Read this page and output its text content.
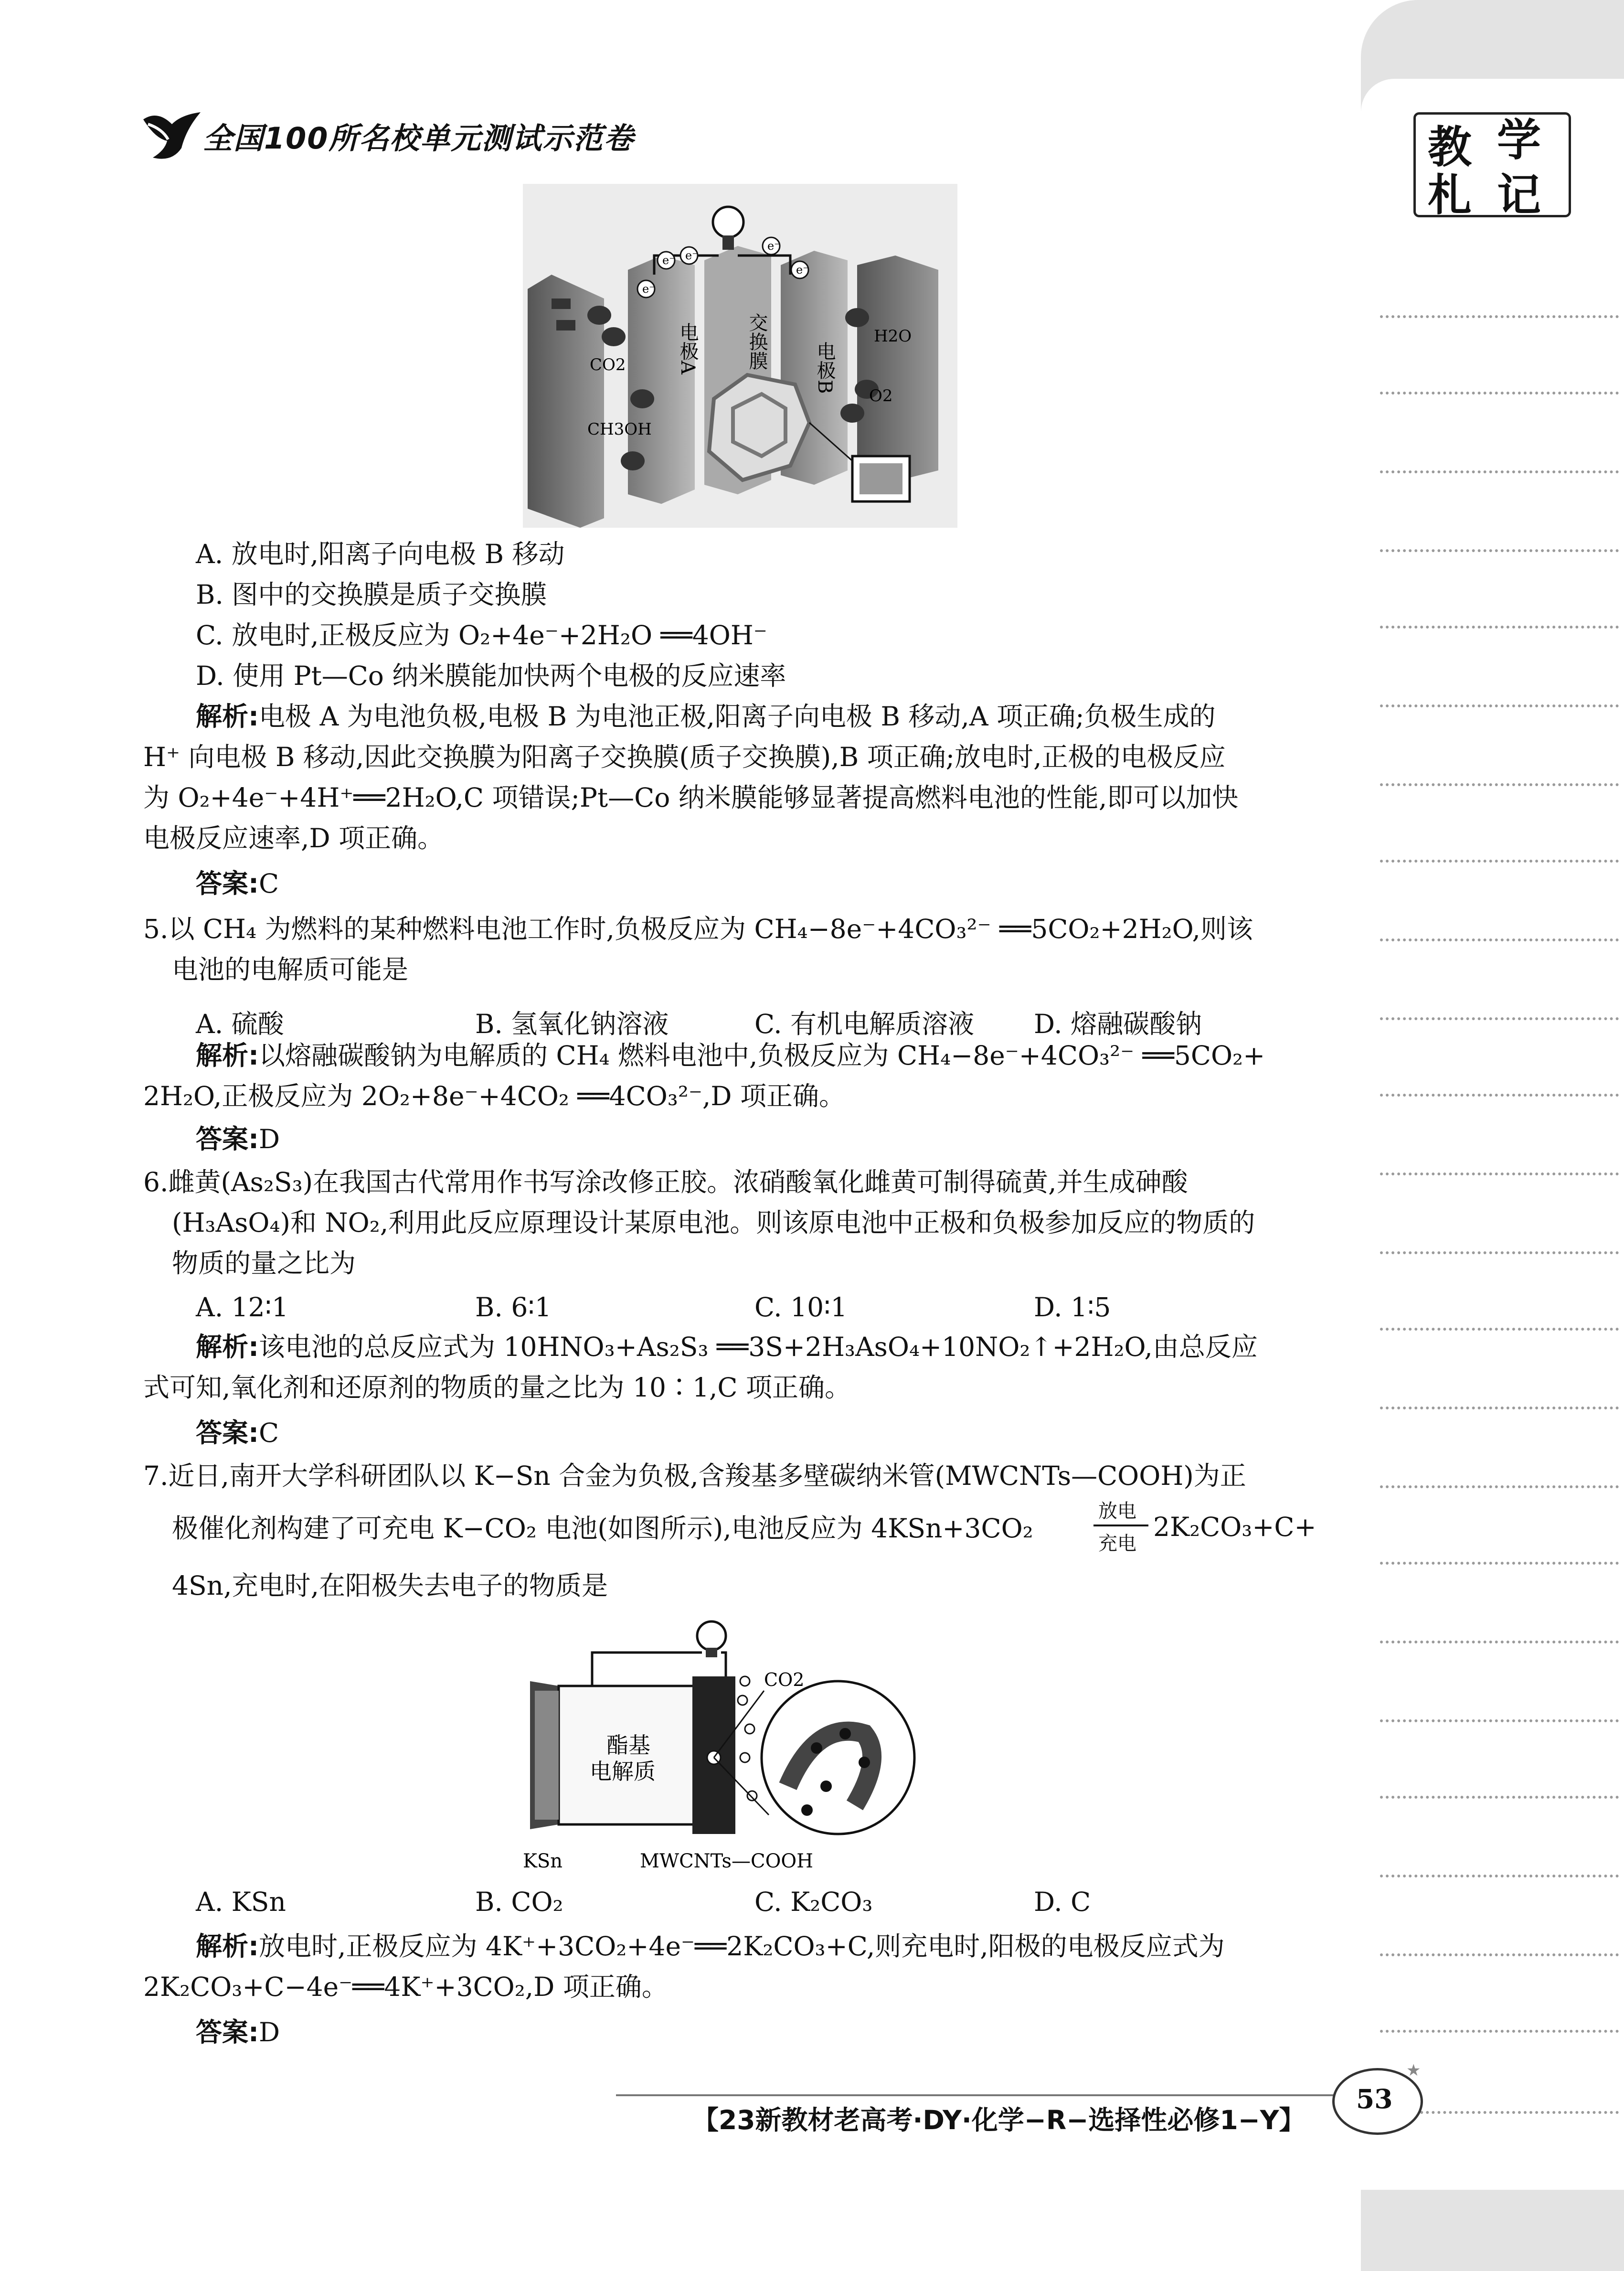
教 学
札 记
全国100所名校单元测试示范卷
e⁻ e⁻
e⁻
e⁻
e⁻
CO2
CH3OH
H2O
O2
电极A 交换膜 电极B
A. 放电时,阳离子向电极 B 移动
B. 图中的交换膜是质子交换膜
C. 放电时,正极反应为 O₂+4e⁻+2H₂O ══4OH⁻
D. 使用 Pt—Co 纳米膜能加快两个电极的反应速率
解析:电极 A 为电池负极,电极 B 为电池正极,阳离子向电极 B 移动,A 项正确;负极生成的
H⁺ 向电极 B 移动,因此交换膜为阳离子交换膜(质子交换膜),B 项正确;放电时,正极的电极反应
为 O₂+4e⁻+4H⁺══2H₂O,C 项错误;Pt—Co 纳米膜能够显著提高燃料电池的性能,即可以加快
电极反应速率,D 项正确。
答案:C
5.以 CH₄ 为燃料的某种燃料电池工作时,负极反应为 CH₄−8e⁻+4CO₃²⁻ ══5CO₂+2H₂O,则该
电池的电解质可能是
A. 硫酸	B. 氢氧化钠溶液	C. 有机电解质溶液 D. 熔融碳酸钠
解析:以熔融碳酸钠为电解质的 CH₄ 燃料电池中,负极反应为 CH₄−8e⁻+4CO₃²⁻ ══5CO₂+
2H₂O,正极反应为 2O₂+8e⁻+4CO₂ ══4CO₃²⁻,D 项正确。
答案:D
6.雌黄(As₂S₃)在我国古代常用作书写涂改修正胶。浓硝酸氧化雌黄可制得硫黄,并生成砷酸
(H₃AsO₄)和 NO₂,利用此反应原理设计某原电池。则该原电池中正极和负极参加反应的物质的
物质的量之比为
A. 12∶1	B. 6∶1	C. 10∶1	D. 1∶5
解析:该电池的总反应式为 10HNO₃+As₂S₃ ══3S+2H₃AsO₄+10NO₂↑+2H₂O,由总反应
式可知,氧化剂和还原剂的物质的量之比为 10∶1,C 项正确。
答案:C
7.近日,南开大学科研团队以 K−Sn 合金为负极,含羧基多壁碳纳米管(MWCNTs—COOH)为正
极催化剂构建了可充电 K−CO₂ 电池(如图所示),电池反应为 4KSn+3CO₂
放电
充电
2K₂CO₃+C+
4Sn,充电时,在阳极失去电子的物质是
CO2
酯基
电解质
KSn	MWCNTs—COOH
A. KSn	B. CO₂	C. K₂CO₃	D. C
解析:放电时,正极反应为 4K⁺+3CO₂+4e⁻══2K₂CO₃+C,则充电时,阳极的电极反应式为
2K₂CO₃+C−4e⁻══4K⁺+3CO₂,D 项正确。
答案:D
【23新教材老高考·DY·化学−R−选择性必修1−Y】
53
★
